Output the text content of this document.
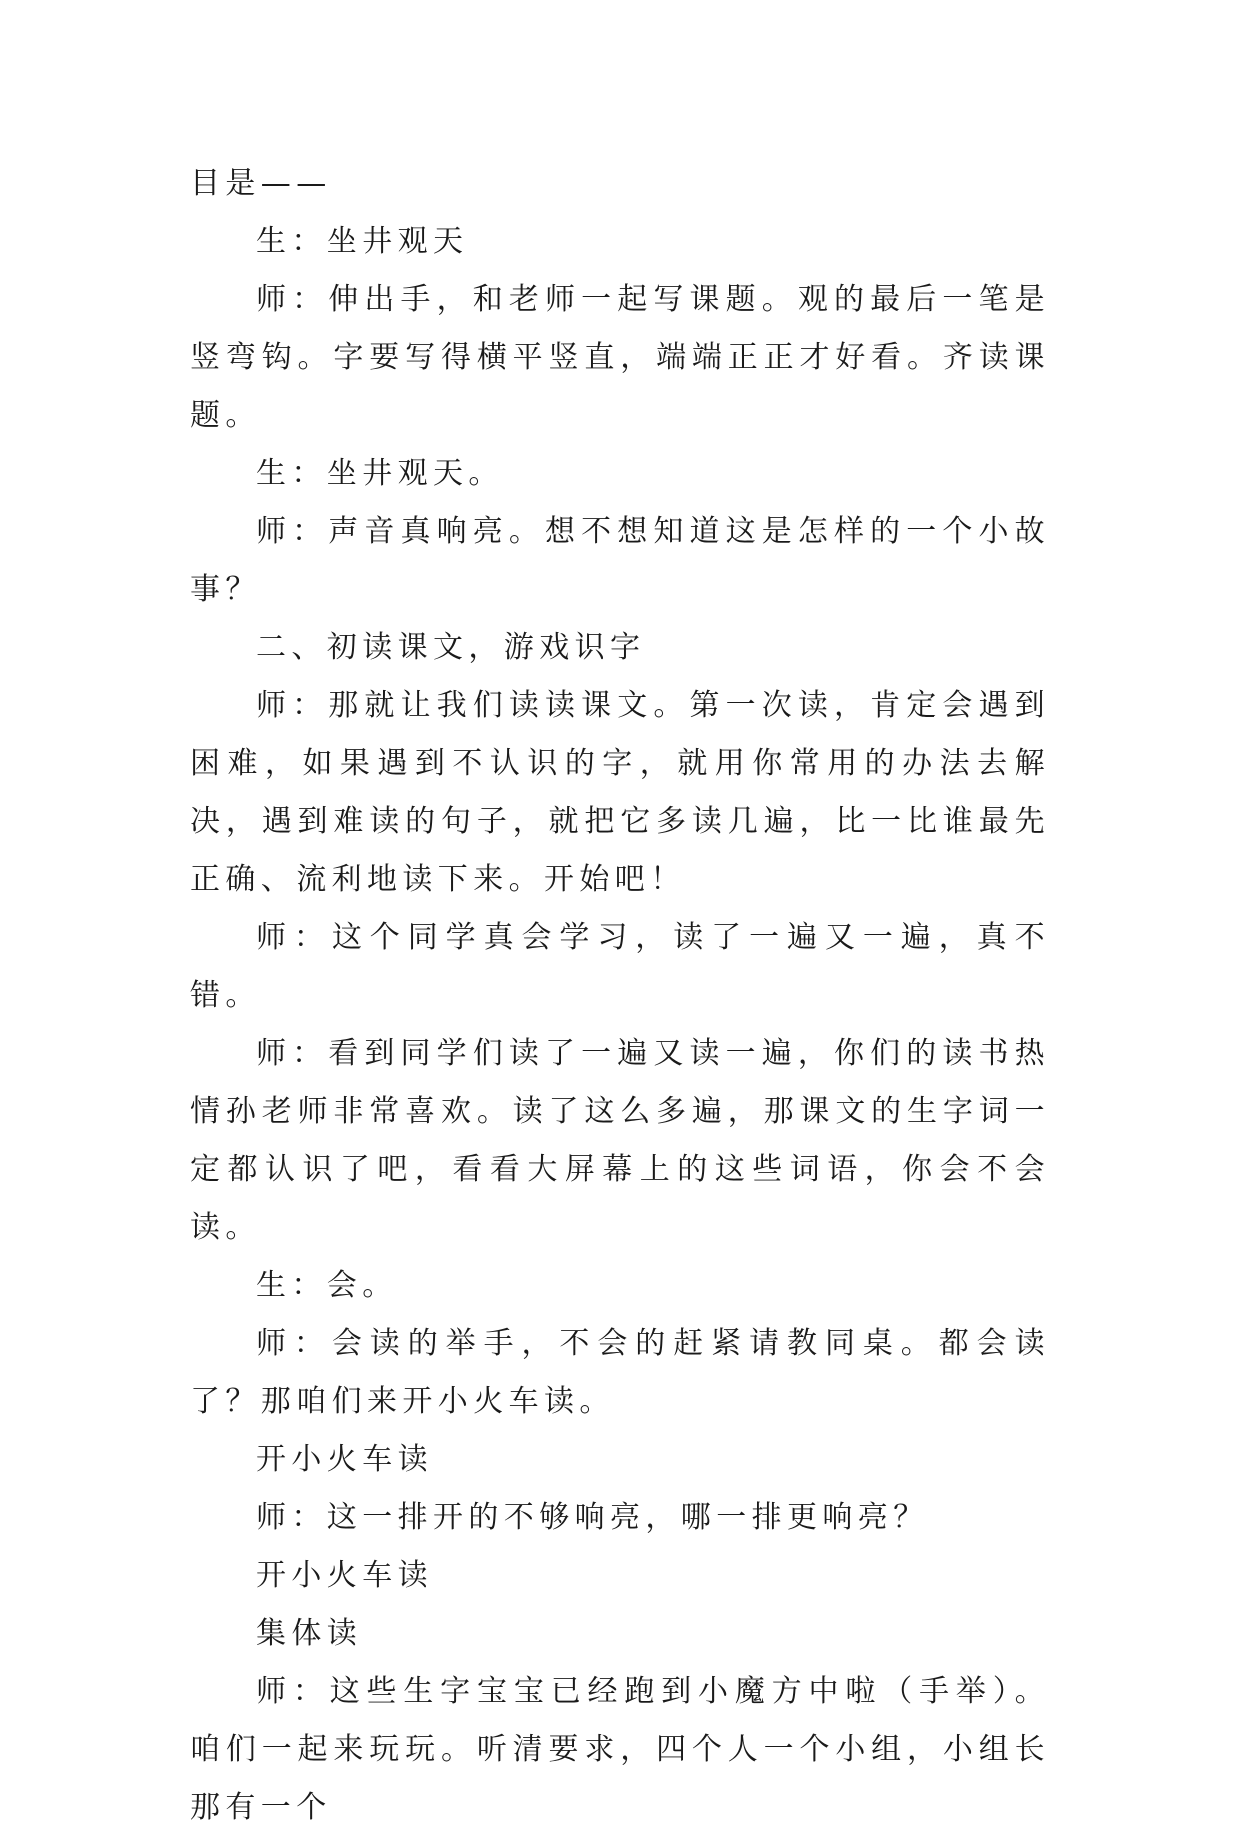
目是——

生：坐井观天

师：伸出手，和老师一起写课题。观的最后一笔是竖弯钩。字要写得横平竖直，端端正正才好看。齐读课题。

生：坐井观天。

师：声音真响亮。想不想知道这是怎样的一个小故事？

二、初读课文，游戏识字

师：那就让我们读读课文。第一次读，肯定会遇到困难，如果遇到不认识的字，就用你常用的办法去解决，遇到难读的句子，就把它多读几遍，比一比谁最先正确、流利地读下来。开始吧！

师：这个同学真会学习，读了一遍又一遍，真不错。

师：看到同学们读了一遍又读一遍，你们的读书热情孙老师非常喜欢。读了这么多遍，那课文的生字词一定都认识了吧，看看大屏幕上的这些词语，你会不会读。

生：会。

师：会读的举手，不会的赶紧请教同桌。都会读了？那咱们来开小火车读。

开小火车读

师：这一排开的不够响亮，哪一排更响亮？

开小火车读

集体读

师：这些生字宝宝已经跑到小魔方中啦（手举）。咱们一起来玩玩。听清要求，四个人一个小组，小组长那有一个
